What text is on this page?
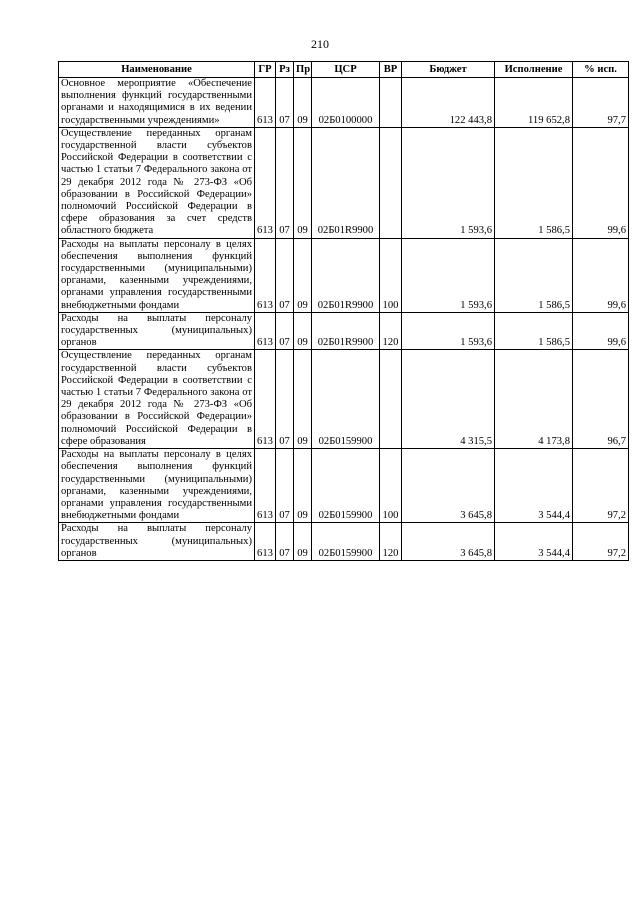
210
Наименование	ГР	Рз	Пр	ЦСР	ВР	Бюджет	Исполнение	% исп.
Основное мероприятие «Обеспечение выполнения функций государственными органами и находящимися в их ведении государственными учреждениями»	613	07	09	02Б0100000		122 443,8	119 652,8	97,7
Осуществление переданных органам государственной власти субъектов Российской Федерации в соответствии с частью 1 статьи 7 Федерального закона от 29 декабря 2012 года № 273-ФЗ «Об образовании в Российской Федерации» полномочий Российской Федерации в сфере образования за счет средств областного бюджета	613	07	09	02Б01R9900		1 593,6	1 586,5	99,6
Расходы на выплаты персоналу в целях обеспечения выполнения функций государственными (муниципальными) органами, казенными учреждениями, органами управления государственными внебюджетными фондами	613	07	09	02Б01R9900	100	1 593,6	1 586,5	99,6
Расходы на выплаты персоналу государственных (муниципальных) органов	613	07	09	02Б01R9900	120	1 593,6	1 586,5	99,6
Осуществление переданных органам государственной власти субъектов Российской Федерации в соответствии с частью 1 статьи 7 Федерального закона от 29 декабря 2012 года № 273-ФЗ «Об образовании в Российской Федерации» полномочий Российской Федерации в сфере образования	613	07	09	02Б0159900		4 315,5	4 173,8	96,7
Расходы на выплаты персоналу в целях обеспечения выполнения функций государственными (муниципальными) органами, казенными учреждениями, органами управления государственными внебюджетными фондами	613	07	09	02Б0159900	100	3 645,8	3 544,4	97,2
Расходы на выплаты персоналу государственных (муниципальных) органов	613	07	09	02Б0159900	120	3 645,8	3 544,4	97,2
